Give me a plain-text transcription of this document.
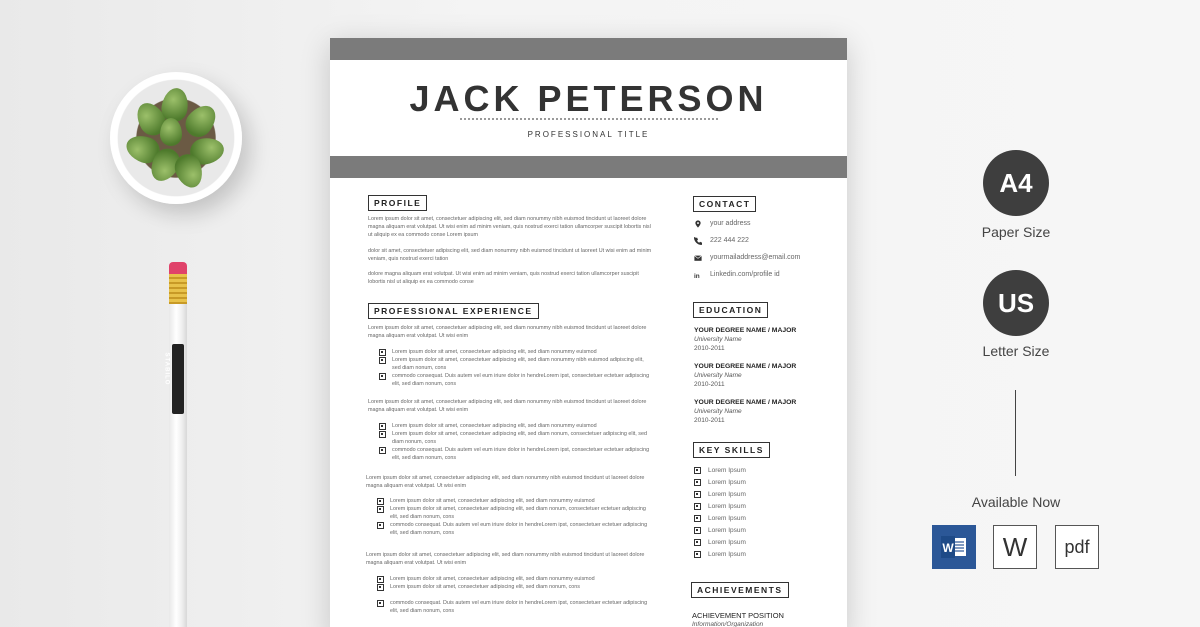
STABILO
JACK PETERSON
PROFESSIONAL TITLE
PROFILE
Lorem ipsum dolor sit amet, consectetuer adipiscing elit, sed diam nonummy nibh euismod tincidunt ut laoreet dolore magna aliquam erat volutpat. Ut wisi enim ad minim veniam, quis nostrud exerci tation ullamcorper suscipit lobortis nisl ut aliquip ex ea commodo conse Lorem ipsum
dolor sit amet, consectetuer adipiscing elit, sed diam nonummy nibh euismod tincidunt ut laoreet Ut wisi enim ad minim veniam, quis nostrud exerci tation
dolore magna aliquam erat volutpat. Ut wisi enim ad minim veniam, quis nostrud exerci tation ullamcorper suscipit lobortis nisl ut aliquip ex ea commodo conse
PROFESSIONAL EXPERIENCE
Lorem ipsum dolor sit amet, consectetuer adipiscing elit, sed diam nonummy nibh euismod tincidunt ut laoreet dolore magna aliquam erat volutpat. Ut wisi enim
Lorem ipsum dolor sit amet, consectetuer adipiscing elit, sed diam nonummy euismod
Lorem ipsum dolor sit amet, consectetuer adipiscing elit, sed diam nonummy nibh euismod adipiscing elit, sed diam nonum, cons
commodo consequat. Duis autem vel eum iriure dolor in hendreLorem ipst, consectetuer ectetuer adipiscing elit, sed diam nonum, cons
Lorem ipsum dolor sit amet, consectetuer adipiscing elit, sed diam nonummy nibh euismod tincidunt ut laoreet dolore magna aliquam erat volutpat. Ut wisi enim
Lorem ipsum dolor sit amet, consectetuer adipiscing elit, sed diam nonummy euismod
Lorem ipsum dolor sit amet, consectetuer adipiscing elit, sed diam nonum, consectetuer adipiscing elit, sed diam nonum, cons
commodo consequat. Duis autem vel eum iriure dolor in hendreLorem ipst, consectetuer ectetuer adipiscing elit, sed diam nonum, cons
Lorem ipsum dolor sit amet, consectetuer adipiscing elit, sed diam nonummy nibh euismod tincidunt ut laoreet dolore magna aliquam erat volutpat. Ut wisi enim
Lorem ipsum dolor sit amet, consectetuer adipiscing elit, sed diam nonummy euismod
Lorem ipsum dolor sit amet, consectetuer adipiscing elit, sed diam nonum, consectetuer ectetuer adipiscing elit, sed diam nonum, cons
commodo consequat. Duis autem vel eum iriure dolor in hendreLorem ipst, consectetuer ectetuer adipiscing elit, sed diam nonum, cons
Lorem ipsum dolor sit amet, consectetuer adipiscing elit, sed diam nonummy nibh euismod tincidunt ut laoreet dolore magna aliquam erat volutpat. Ut wisi enim
Lorem ipsum dolor sit amet, consectetuer adipiscing elit, sed diam nonummy euismod
Lorem ipsum dolor sit amet, consectetuer adipiscing elit, sed diam nonum, cons
commodo consequat. Duis autem vel eum iriure dolor in hendreLorem ipst, consectetuer ectetuer adipiscing elit, sed diam nonum, cons
CONTACT
your address
222 444 222
yourmailaddress@email.com
in Linkedin.com/profile id
EDUCATION
YOUR DEGREE NAME / MAJOR
University Name
2010-2011
YOUR DEGREE NAME / MAJOR
University Name
2010-2011
YOUR DEGREE NAME / MAJOR
University Name
2010-2011
KEY SKILLS
Lorem Ipsum
Lorem Ipsum
Lorem Ipsum
Lorem Ipsum
Lorem Ipsum
Lorem Ipsum
Lorem Ipsum
Lorem Ipsum
ACHIEVEMENTS
ACHIEVEMENT POSITION
Information/Organization
A4
Paper Size
US
Letter Size
Available Now
W W pdf
